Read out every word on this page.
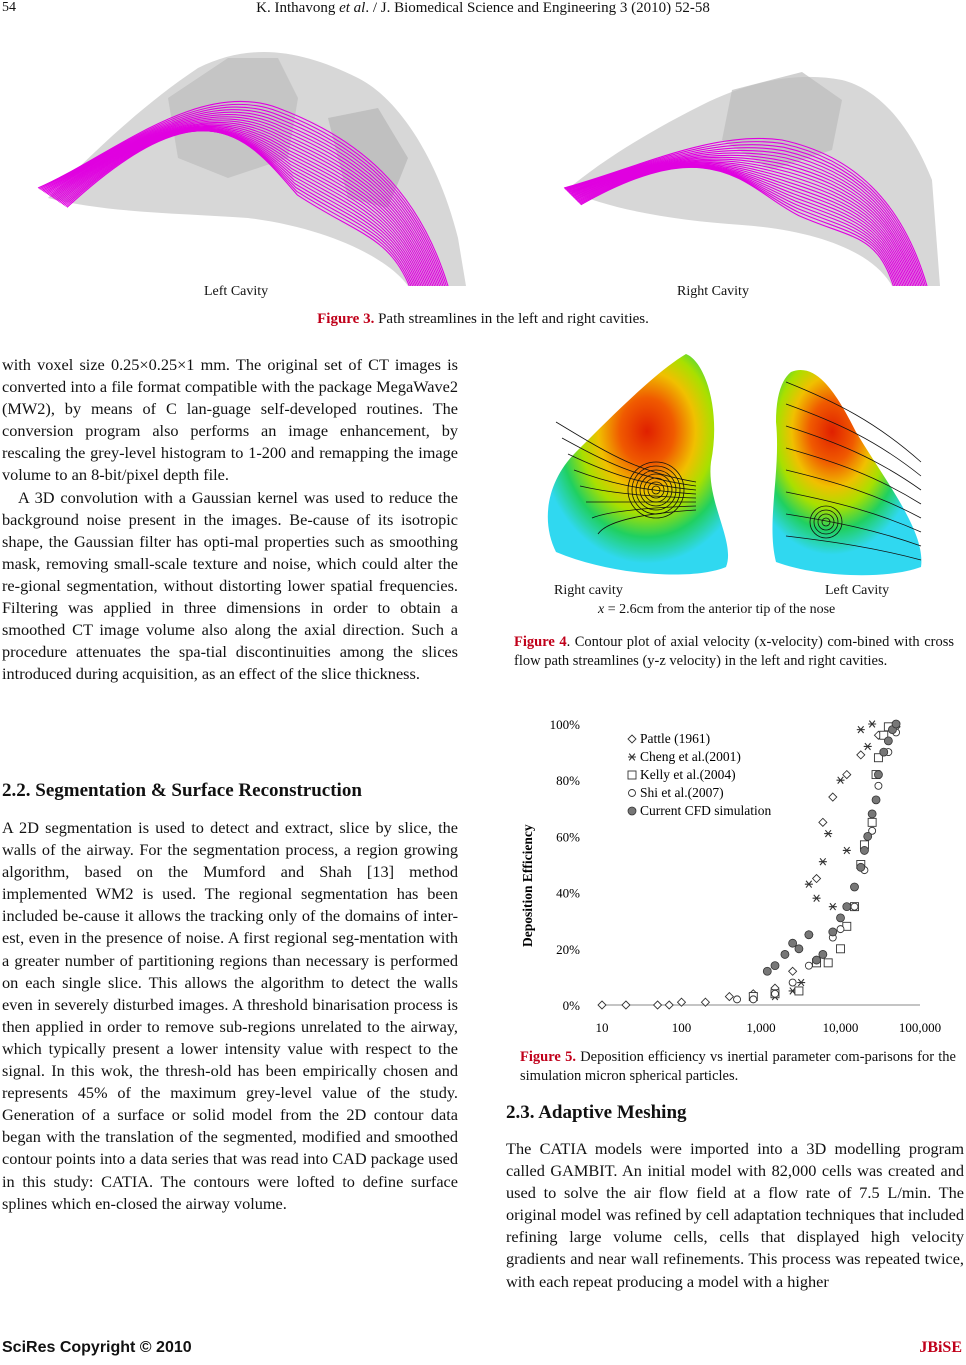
54	K. Inthavong et al. / J. Biomedical Science and Engineering 3 (2010) 52-58
Left Cavity	Right Cavity
Figure 3. Path streamlines in the left and right cavities.

with voxel size 0.25×0.25×1 mm. The original set of CT images is converted into a file format compatible with the package MegaWave2 (MW2), by means of C lan-guage self-developed routines. The conversion program also performs an image enhancement, by rescaling the grey-level histogram to 1-200 and remapping the image volume to an 8-bit/pixel depth file.

A 3D convolution with a Gaussian kernel was used to reduce the background noise present in the images. Be-cause of its isotropic shape, the Gaussian filter has opti-mal properties such as smoothing mask, removing small-scale texture and noise, which could alter the re-gional segmentation, without distorting lower spatial frequencies. Filtering was applied in three dimensions in order to obtain a smoothed CT image volume also along the axial direction. Such a procedure attenuates the spa-tial discontinuities among the slices introduced during acquisition, as an effect of the slice thickness.

2.2. Segmentation & Surface Reconstruction

A 2D segmentation is used to detect and extract, slice by slice, the walls of the airway. For the segmentation process, a region growing algorithm, based on the Mumford and Shah [13] method implemented WM2 is used. The regional segmentation has been included be-cause it allows the tracking only of the domains of inter-est, even in the presence of noise. A first regional seg-mentation with a greater number of partitioning regions than necessary is performed on each single slice. This allows the algorithm to detect the walls even in severely disturbed images. A threshold binarisation process is then applied in order to remove sub-regions unrelated to the airway, which typically present a lower intensity value with respect to the signal. In this wok, the thresh-old has been empirically chosen and represents 45% of the maximum grey-level value of the study. Generation of a surface or solid model from the 2D contour data began with the translation of the segmented, modified and smoothed contour points into a data series that was read into CAD package used in this study: CATIA. The contours were lofted to define surface splines which en-closed the airway volume.

Right cavity	Left Cavity
x = 2.6cm from the anterior tip of the nose
Figure 4. Contour plot of axial velocity (x-velocity) com-bined with cross flow path streamlines (y-z velocity) in the left and right cavities.
0%
20%
40%
60%
80%
100%
10	100	1,000	10,000	100,000
Pattle (1961)
Cheng et al.(2001)
Kelly et al.(2004)
Shi et al.(2007)
Current CFD simulation
Deposition Efficiency
Figure 5. Deposition efficiency vs inertial parameter com-parisons for the simulation micron spherical particles.
2.3. Adaptive Meshing

The CATIA models were imported into a 3D modelling program called GAMBIT. An initial model with 82,000 cells was created and used to solve the air flow field at a flow rate of 7.5 L/min. The original model was refined by cell adaptation techniques that included refining large volume cells, cells that displayed high velocity gradients and near wall refinements. This process was repeated twice, with each repeat producing a model with a higher

SciRes Copyright © 2010	JBiSE
